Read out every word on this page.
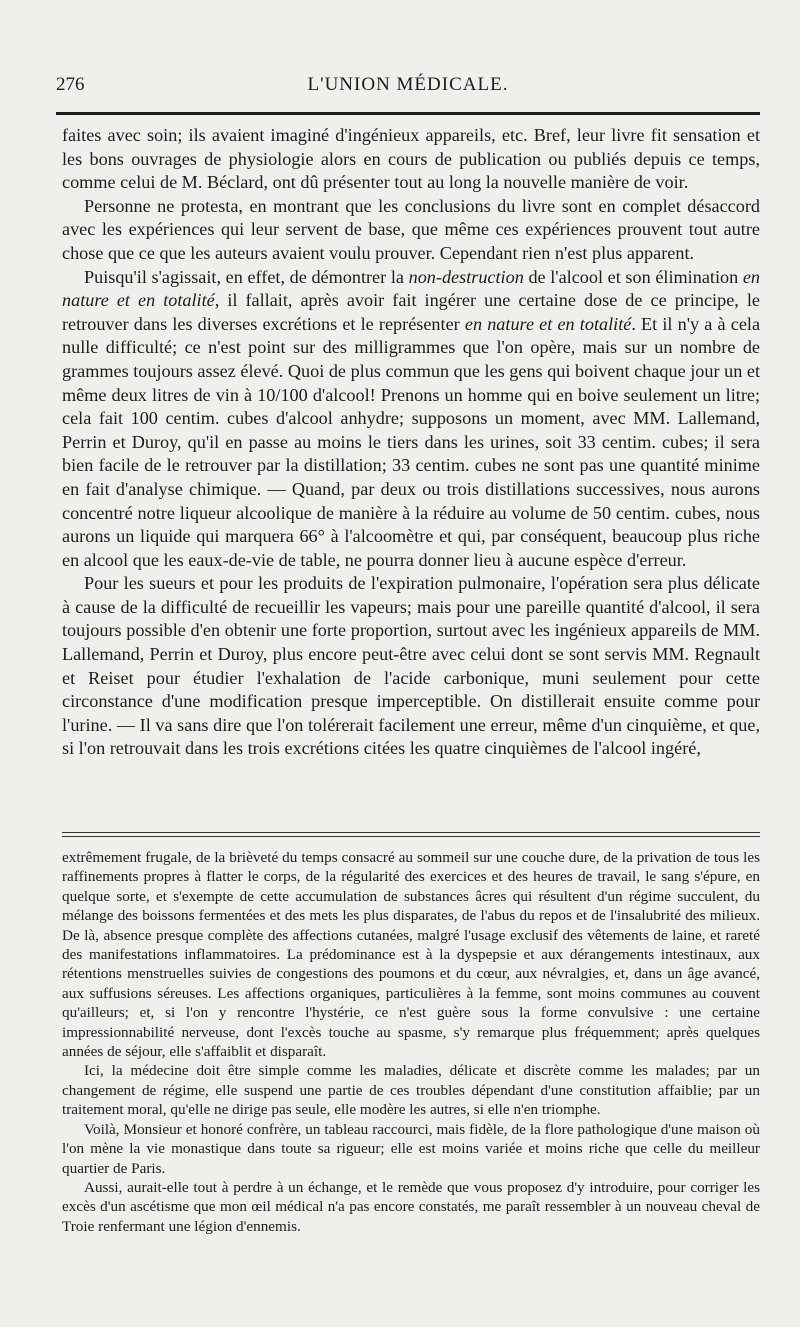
276	L'UNION MÉDICALE.

faites avec soin; ils avaient imaginé d'ingénieux appareils, etc. Bref, leur livre fit sensation et les bons ouvrages de physiologie alors en cours de publication ou publiés depuis ce temps, comme celui de M. Béclard, ont dû présenter tout au long la nouvelle manière de voir.

Personne ne protesta, en montrant que les conclusions du livre sont en complet désaccord avec les expériences qui leur servent de base, que même ces expériences prouvent tout autre chose que ce que les auteurs avaient voulu prouver. Cependant rien n'est plus apparent.

Puisqu'il s'agissait, en effet, de démontrer la non-destruction de l'alcool et son élimination en nature et en totalité, il fallait, après avoir fait ingérer une certaine dose de ce principe, le retrouver dans les diverses excrétions et le représenter en nature et en totalité. Et il n'y a à cela nulle difficulté; ce n'est point sur des milligrammes que l'on opère, mais sur un nombre de grammes toujours assez élevé. Quoi de plus commun que les gens qui boivent chaque jour un et même deux litres de vin à 10/100 d'alcool! Prenons un homme qui en boive seulement un litre; cela fait 100 centim. cubes d'alcool anhydre; supposons un moment, avec MM. Lallemand, Perrin et Duroy, qu'il en passe au moins le tiers dans les urines, soit 33 centim. cubes; il sera bien facile de le retrouver par la distillation; 33 centim. cubes ne sont pas une quantité minime en fait d'analyse chimique. — Quand, par deux ou trois distillations successives, nous aurons concentré notre liqueur alcoolique de manière à la réduire au volume de 50 centim. cubes, nous aurons un liquide qui marquera 66° à l'alcoomètre et qui, par conséquent, beaucoup plus riche en alcool que les eaux-de-vie de table, ne pourra donner lieu à aucune espèce d'erreur.

Pour les sueurs et pour les produits de l'expiration pulmonaire, l'opération sera plus délicate à cause de la difficulté de recueillir les vapeurs; mais pour une pareille quantité d'alcool, il sera toujours possible d'en obtenir une forte proportion, surtout avec les ingénieux appareils de MM. Lallemand, Perrin et Duroy, plus encore peut-être avec celui dont se sont servis MM. Regnault et Reiset pour étudier l'exhalation de l'acide carbonique, muni seulement pour cette circonstance d'une modification presque imperceptible. On distillerait ensuite comme pour l'urine. — Il va sans dire que l'on tolérerait facilement une erreur, même d'un cinquième, et que, si l'on retrouvait dans les trois excrétions citées les quatre cinquièmes de l'alcool ingéré,

extrêmement frugale, de la brièveté du temps consacré au sommeil sur une couche dure, de la privation de tous les raffinements propres à flatter le corps, de la régularité des exercices et des heures de travail, le sang s'épure, en quelque sorte, et s'exempte de cette accumulation de substances âcres qui résultent d'un régime succulent, du mélange des boissons fermentées et des mets les plus disparates, de l'abus du repos et de l'insalubrité des milieux. De là, absence presque complète des affections cutanées, malgré l'usage exclusif des vêtements de laine, et rareté des manifestations inflammatoires. La prédominance est à la dyspepsie et aux dérangements intestinaux, aux rétentions menstruelles suivies de congestions des poumons et du cœur, aux névralgies, et, dans un âge avancé, aux suffusions séreuses. Les affections organiques, particulières à la femme, sont moins communes au couvent qu'ailleurs; et, si l'on y rencontre l'hystérie, ce n'est guère sous la forme convulsive : une certaine impressionnabilité nerveuse, dont l'excès touche au spasme, s'y remarque plus fréquemment; après quelques années de séjour, elle s'affaiblit et disparaît.

Ici, la médecine doit être simple comme les maladies, délicate et discrète comme les malades; par un changement de régime, elle suspend une partie de ces troubles dépendant d'une constitution affaiblie; par un traitement moral, qu'elle ne dirige pas seule, elle modère les autres, si elle n'en triomphe.

Voilà, Monsieur et honoré confrère, un tableau raccourci, mais fidèle, de la flore pathologique d'une maison où l'on mène la vie monastique dans toute sa rigueur; elle est moins variée et moins riche que celle du meilleur quartier de Paris.

Aussi, aurait-elle tout à perdre à un échange, et le remède que vous proposez d'y introduire, pour corriger les excès d'un ascétisme que mon œil médical n'a pas encore constatés, me paraît ressembler à un nouveau cheval de Troie renfermant une légion d'ennemis.
